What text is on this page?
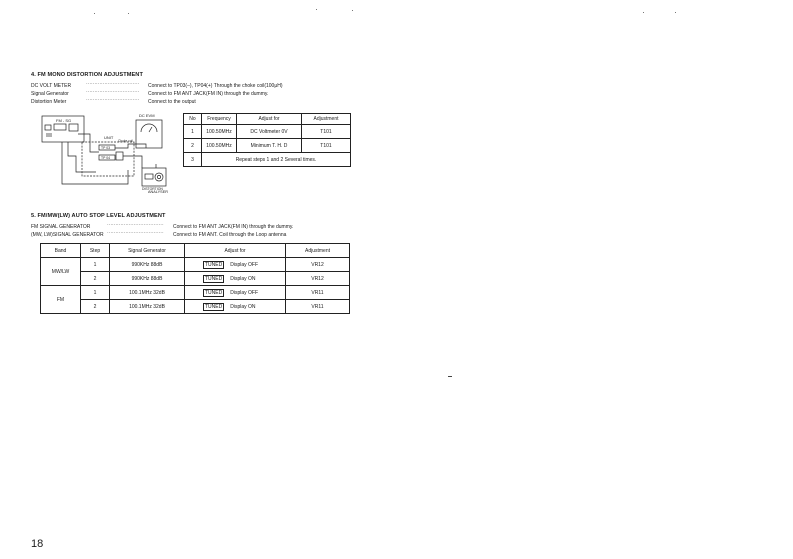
4. FM MONO DISTORTION ADJUSTMENT
DC VOLT METER	································ Connect to TP03(–), TP04(+) Through the choke coil(100μH)
Signal Generator	································ Connect to FM ANT JACK(FM IN) through the dummy.
Distortion Meter	································ Connect to the output
FM - SG
DC EVM
UNIT
TP 03
TP 04
Choke coil
DISTORTION
ANALYSER
No	Frequency	Adjust for	Adjustment
1	100.50MHz	DC Voltmeter 0V	T101
2	100.50MHz	Minimum T. H. D	T101
3	Repeat steps 1 and 2 Several times.		
5. FM/MW(LW) AUTO STOP LEVEL ADJUSTMENT
FM SIGNAL GENERATOR	·································· Connect to FM ANT JACK(FM IN) through the dummy.
(MW, LW)SIGNAL GENERATOR ·································· Connect to FM ANT. Coil through the Loop antenna
Band	Step	Signal Generator	Adjust for	Adjustment
MW/LW	1	990KHz 88dB	TUNED Display OFF	VR12
	2	990KHz 88dB	TUNED Display ON	VR12
FM	1	100.1MHz 32dB	TUNED Display OFF	VR11
	2	100.1MHz 32dB	TUNED Display ON	VR11
18
